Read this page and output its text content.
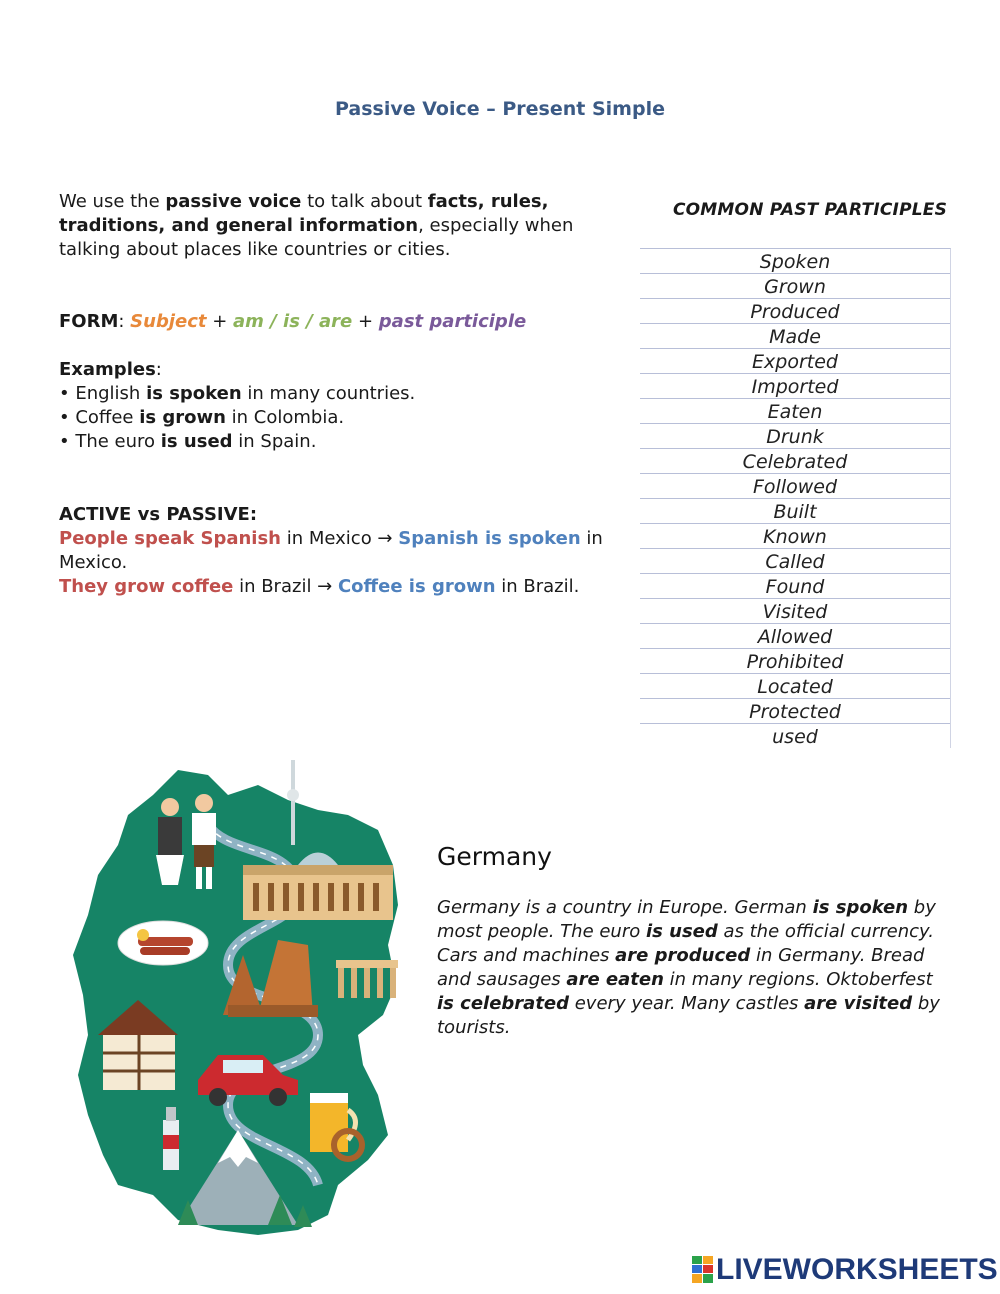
Passive Voice – Present Simple
We use the passive voice to talk about facts, rules, traditions, and general information, especially when talking about places like countries or cities.
FORM: Subject + am / is / are + past participle
Examples:
• English is spoken in many countries.
• Coffee is grown in Colombia.
• The euro is used in Spain.
ACTIVE vs PASSIVE:
People speak Spanish in Mexico → Spanish is spoken in Mexico.
They grow coffee in Brazil → Coffee is grown in Brazil.
COMMON PAST PARTICIPLES
Spoken
Grown
Produced
Made
Exported
Imported
Eaten
Drunk
Celebrated
Followed
Built
Known
Called
Found
Visited
Allowed
Prohibited
Located
Protected
used
Germany
Germany is a country in Europe. German is spoken by most people. The euro is used as the official currency. Cars and machines are produced in Germany. Bread and sausages are eaten in many regions. Oktoberfest is celebrated every year. Many castles are visited by tourists.
LIVEWORKSHEETS
